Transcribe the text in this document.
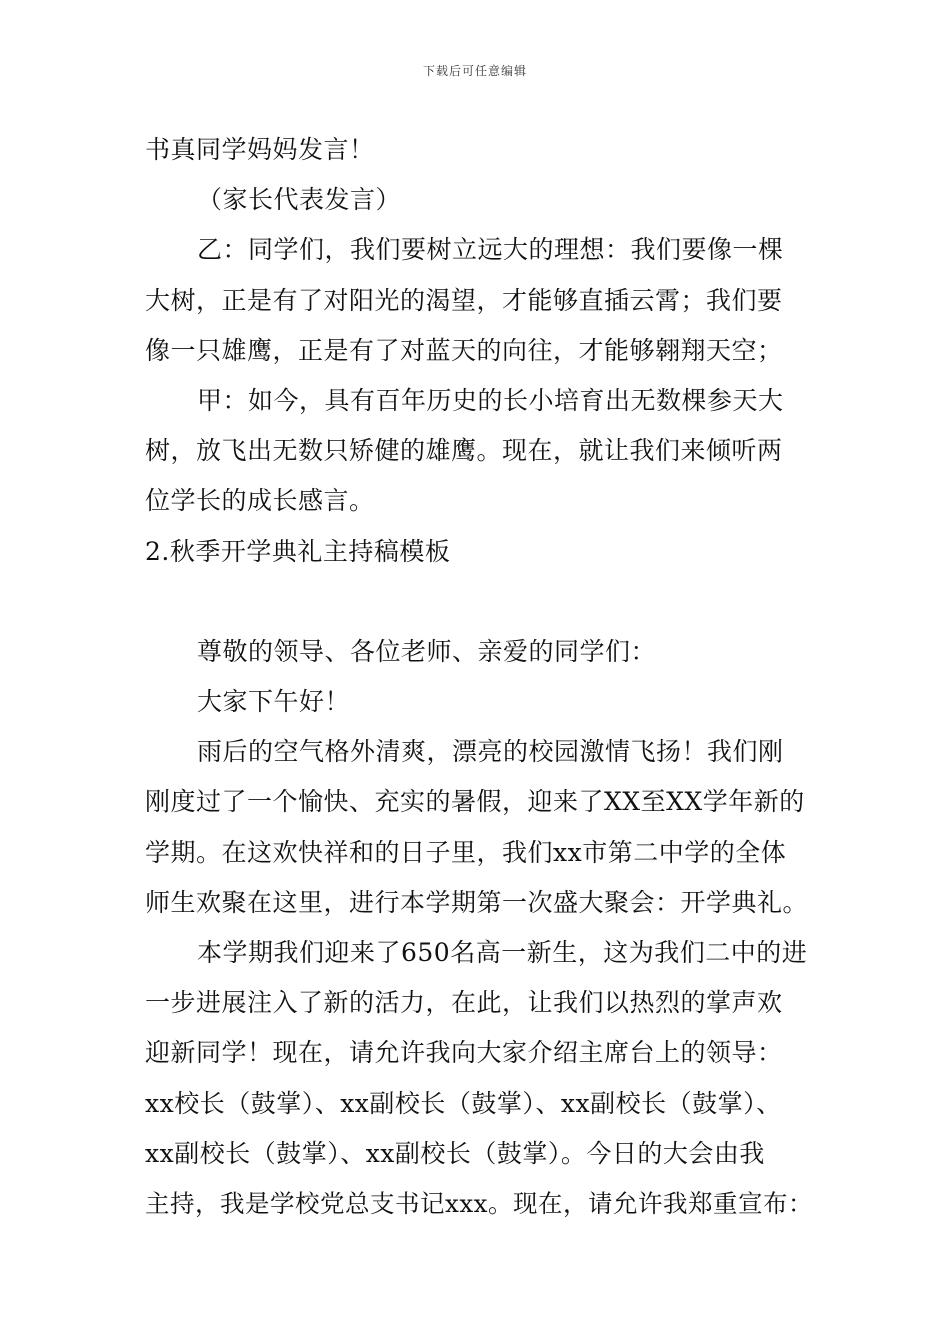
下载后可任意编辑
书真同学妈妈发言！
（家长代表发言）
乙：同学们，我们要树立远大的理想：我们要像一棵
大树，正是有了对阳光的渴望，才能够直插云霄；我们要
像一只雄鹰，正是有了对蓝天的向往，才能够翱翔天空；
甲：如今，具有百年历史的长小培育出无数棵参天大
树，放飞出无数只矫健的雄鹰。现在，就让我们来倾听两
位学长的成长感言。
2.秋季开学典礼主持稿模板
尊敬的领导、各位老师、亲爱的同学们：
大家下午好！
雨后的空气格外清爽，漂亮的校园激情飞扬！我们刚
刚度过了一个愉快、充实的暑假，迎来了XX至XX学年新的
学期。在这欢快祥和的日子里，我们xx市第二中学的全体
师生欢聚在这里，进行本学期第一次盛大聚会：开学典礼。
本学期我们迎来了650名高一新生，这为我们二中的进
一步进展注入了新的活力，在此，让我们以热烈的掌声欢
迎新同学！现在，请允许我向大家介绍主席台上的领导：
xx校长（鼓掌）、xx副校长（鼓掌）、xx副校长（鼓掌）、
xx副校长（鼓掌）、xx副校长（鼓掌）。今日的大会由我
主持，我是学校党总支书记xxx。现在，请允许我郑重宣布：
